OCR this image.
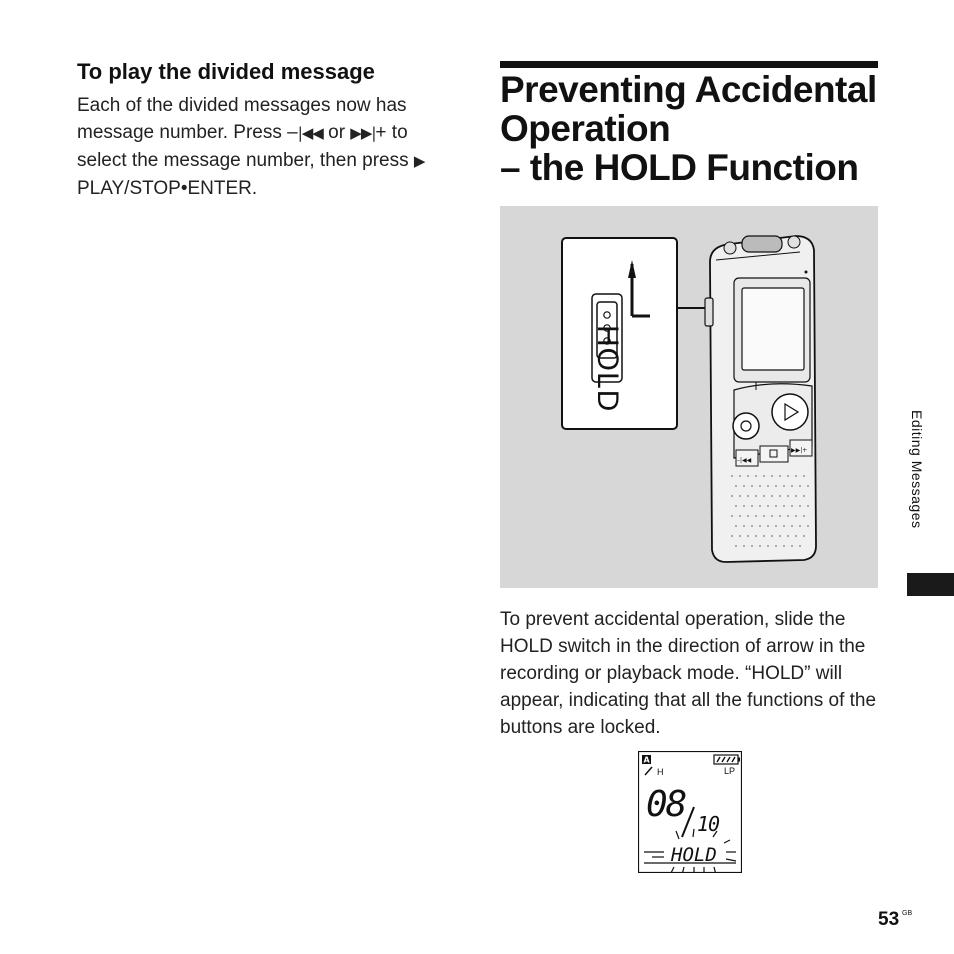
To play the divided message
Each of the divided messages now has message number. Press –|◀◀ or ▶▶|+ to select the message number, then press ▶ PLAY/STOP•ENTER.
Preventing Accidental
Operation
– the HOLD Function
–|◀◀
▶▶|+
HOLD
To prevent accidental operation, slide the HOLD switch in the direction of arrow in the recording or playback mode. “HOLD” will appear, indicating that all the functions of the buttons are locked.
A
H	LP
08 10
HOLD
Editing Messages
53 GB
